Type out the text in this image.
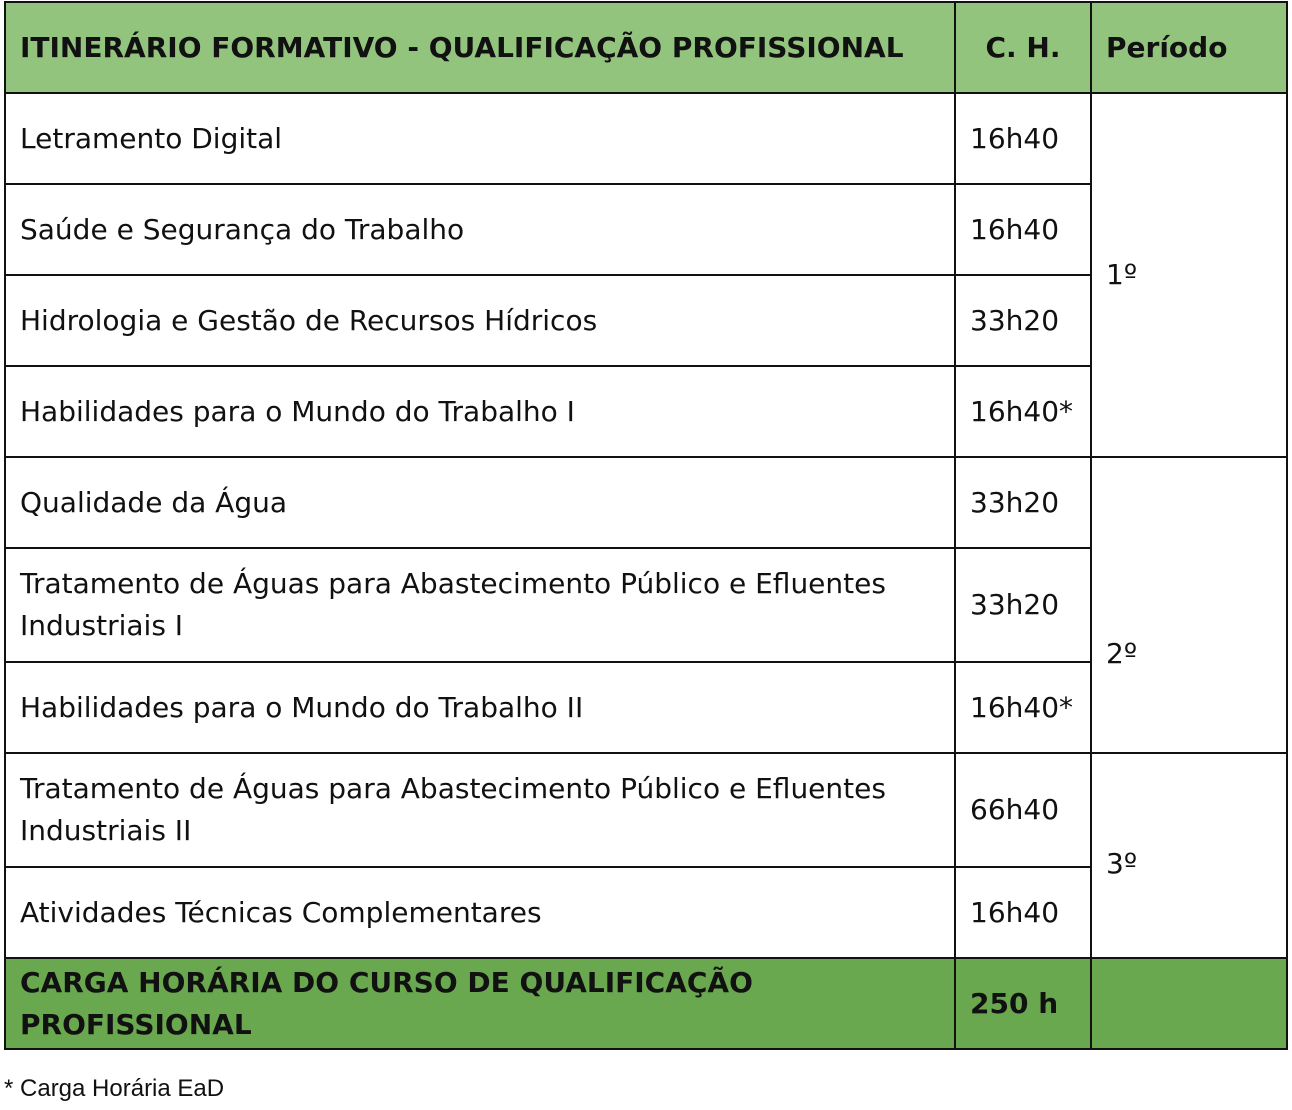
ITINERÁRIO FORMATIVO - QUALIFICAÇÃO PROFISSIONAL	C. H.	Período
Letramento Digital	16h40	1º

Saúde e Segurança do Trabalho	16h40	
Hidrologia e Gestão de Recursos Hídricos	33h20	
Habilidades para o Mundo do Trabalho I	16h40*	
Qualidade da Água	33h20	2º

Tratamento de Águas para Abastecimento Público e Efluentes Industriais I	33h20	
Habilidades para o Mundo do Trabalho II	16h40*	
Tratamento de Águas para Abastecimento Público e Efluentes Industriais II	66h40	3º

Atividades Técnicas Complementares	16h40	
CARGA HORÁRIA DO CURSO DE QUALIFICAÇÃO PROFISSIONAL	250 h	
* Carga Horária EaD
